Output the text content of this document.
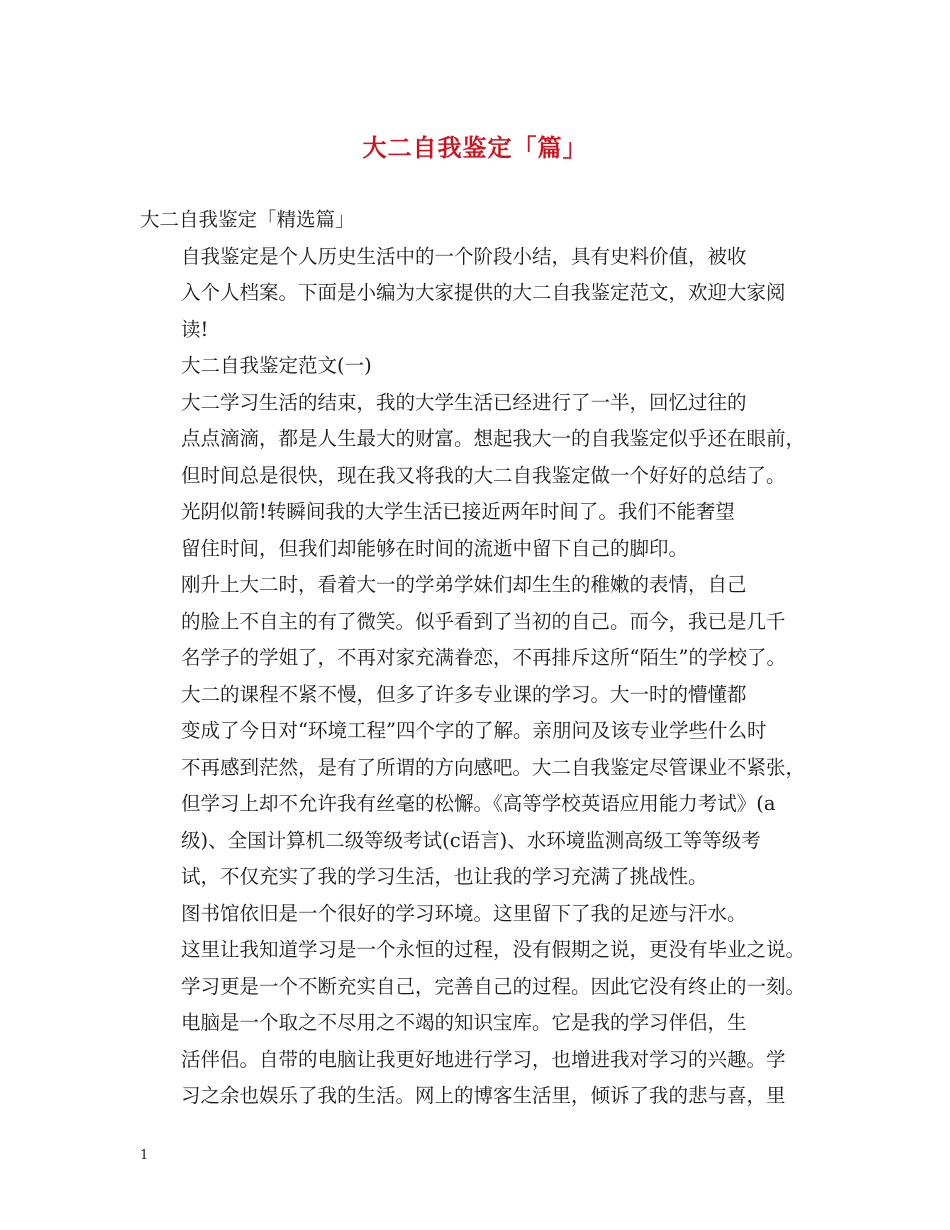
大二自我鉴定「篇」

大二自我鉴定「精选篇」

自我鉴定是个人历史生活中的一个阶段小结，具有史料价值，被收
入个人档案。下面是小编为大家提供的大二自我鉴定范文，欢迎大家阅
读!

大二自我鉴定范文(一)

大二学习生活的结束，我的大学生活已经进行了一半，回忆过往的
点点滴滴，都是人生最大的财富。想起我大一的自我鉴定似乎还在眼前，
但时间总是很快，现在我又将我的大二自我鉴定做一个好好的总结了。

光阴似箭!转瞬间我的大学生活已接近两年时间了。我们不能奢望
留住时间，但我们却能够在时间的流逝中留下自己的脚印。

刚升上大二时，看着大一的学弟学妹们却生生的稚嫩的表情，自己
的脸上不自主的有了微笑。似乎看到了当初的自己。而今，我已是几千
名学子的学姐了，不再对家充满眷恋，不再排斥这所“陌生”的学校了。

大二的课程不紧不慢，但多了许多专业课的学习。大一时的懵懂都
变成了今日对“环境工程”四个字的了解。亲朋问及该专业学些什么时
不再感到茫然，是有了所谓的方向感吧。大二自我鉴定尽管课业不紧张，
但学习上却不允许我有丝毫的松懈。《高等学校英语应用能力考试》(a
级)、全国计算机二级等级考试(c语言)、水环境监测高级工等等级考
试，不仅充实了我的学习生活，也让我的学习充满了挑战性。

图书馆依旧是一个很好的学习环境。这里留下了我的足迹与汗水。
这里让我知道学习是一个永恒的过程，没有假期之说，更没有毕业之说。
学习更是一个不断充实自己，完善自己的过程。因此它没有终止的一刻。

电脑是一个取之不尽用之不竭的知识宝库。它是我的学习伴侣，生
活伴侣。自带的电脑让我更好地进行学习，也增进我对学习的兴趣。学
习之余也娱乐了我的生活。网上的博客生活里，倾诉了我的悲与喜，里

1
